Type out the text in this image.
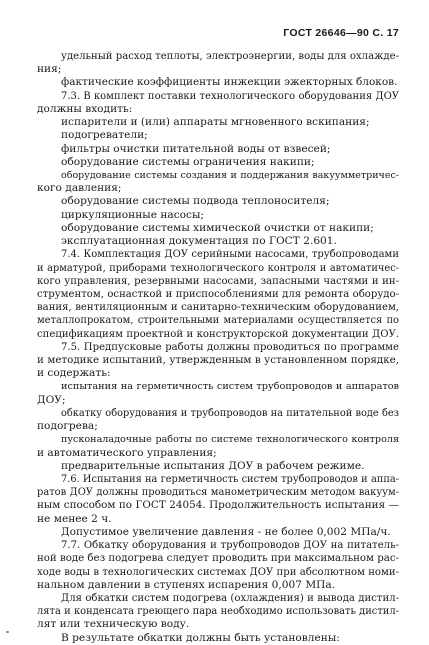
ГОСТ 26646—90 С. 17
удельный расход теплоты, электроэнергии, воды для охлажде-
ния;
фактические коэффициенты инжекции эжекторных блоков.
7.3. В комплект поставки технологического оборудования ДОУ
должны входить:
испарители и (или) аппараты мгновенного вскипания;
подогреватели;
фильтры очистки питательной воды от взвесей;
оборудование системы ограничения накипи;
оборудование системы создания и поддержания вакуумметричес-
кого давления;
оборудование системы подвода теплоносителя;
циркуляционные насосы;
оборудование системы химической очистки от накипи;
эксплуатационная документация по ГОСТ 2.601.
7.4. Комплектация ДОУ серийными насосами, трубопроводами
и арматурой, приборами технологического контроля и автоматичес-
кого управления, резервными насосами, запасными частями и ин-
струментом, оснасткой и приспособлениями для ремонта оборудо-
вания, вентиляционным и санитарно-техническим оборудованием,
металлопрокатом, строительными материалами осуществляется по
спецификациям проектной и конструкторской документации ДОУ.
7.5. Предпусковые работы должны проводиться по программе
и методике испытаний, утвержденным в установленном порядке,
и содержать:
испытания на герметичность систем трубопроводов и аппаратов
ДОУ;
обкатку оборудования и трубопроводов на питательной воде без
подогрева;
пусконаладочные работы по системе технологического контроля
и автоматического управления;
предварительные испытания ДОУ в рабочем режиме.
7.6. Испытания на герметичность систем трубопроводов и аппа-
ратов ДОУ должны проводиться манометрическим методом вакуум-
ным способом по ГОСТ 24054. Продолжительность испытания —
не менее 2 ч.
Допустимое увеличение давления - не более 0,002 МПа/ч.
7.7. Обкатку оборудования и трубопроводов ДОУ на питатель-
ной воде без подогрева следует проводить при максимальном рас-
ходе воды в технологических системах ДОУ при абсолютном номи-
нальном давлении в ступенях испарения 0,007 МПа.
Для обкатки систем подогрева (охлаждения) и вывода дистил-
лята и конденсата греющего пара необходимо использовать дистил-
лят или техническую воду.
В результате обкатки должны быть установлены:
